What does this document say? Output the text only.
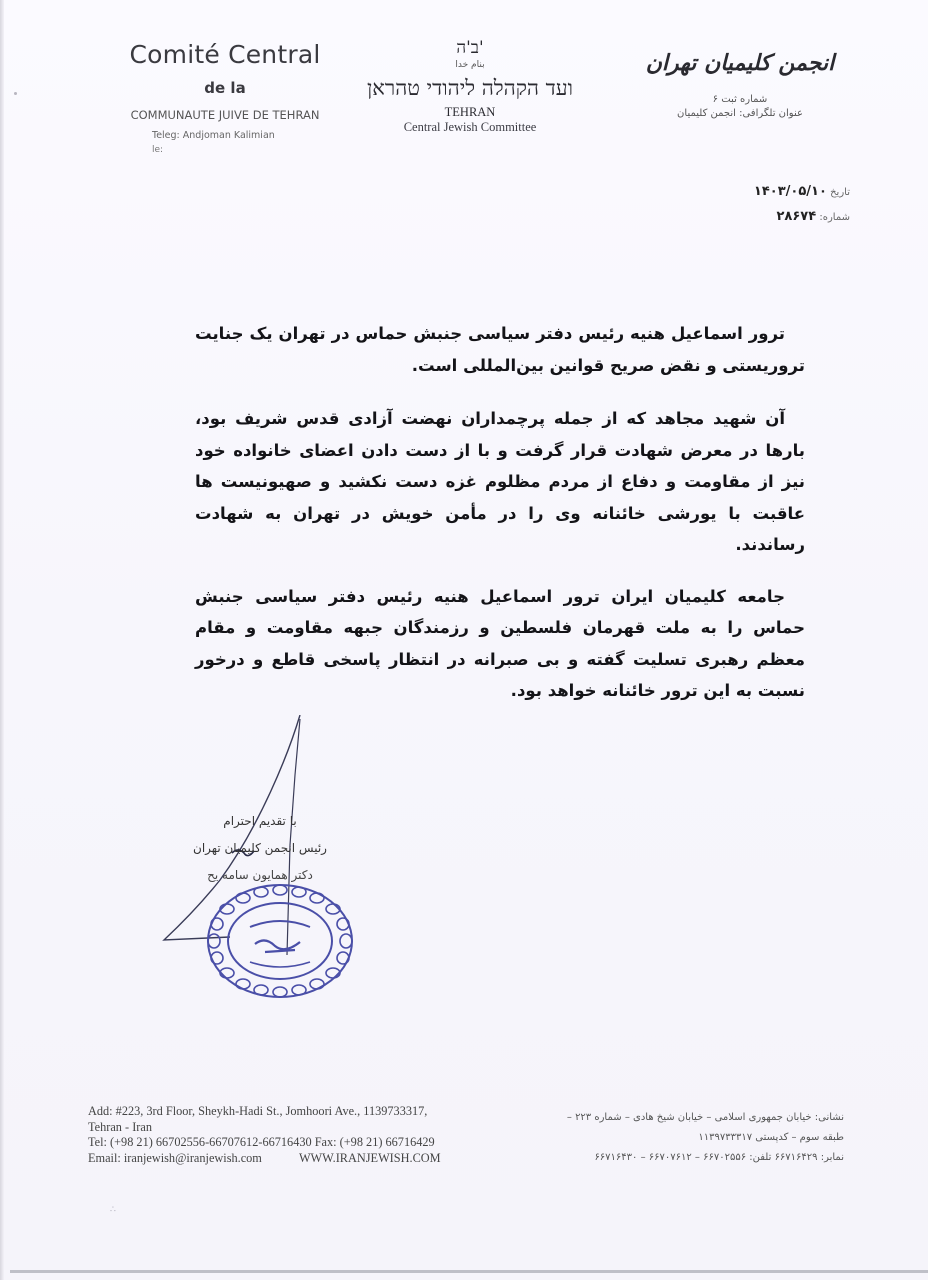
Comité Central
de la
COMMUNAUTE JUIVE DE TEHRAN
Teleg: Andjoman Kalimian
le:
ב'ה'
بنام خدا
ועד הקהלה ליהודי טהראן
TEHRAN
Central Jewish Committee
انجمن کلیمیان تهران
شماره ثبت ۶
عنوان تلگرافی: انجمن کلیمیان
تاریخ ۱۴۰۳/۰۵/۱۰
شماره: ۲۸۶۷۴

ترور اسماعیل هنیه رئیس دفتر سیاسی جنبش حماس در تهران یک جنایت تروریستی و نقض صریح قوانین بین‌المللی است.

آن شهید مجاهد که از جمله پرچمداران نهضت آزادی قدس شریف بود، بارها در معرض شهادت قرار گرفت و با از دست دادن اعضای خانواده خود نیز از مقاومت و دفاع از مردم مظلوم غزه دست نکشید و صهیونیست ها عاقبت با یورشی خائنانه وی را در مأمن خویش در تهران به شهادت رساندند.

جامعه کلیمیان ایران ترور اسماعیل هنیه رئیس دفتر سیاسی جنبش حماس را به ملت قهرمان فلسطین و رزمندگان جبهه مقاومت و مقام معظم رهبری تسلیت گفته و بی صبرانه در انتظار پاسخی قاطع و درخور نسبت به این ترور خائنانه خواهد بود.

با تقدیم احترام
رئیس انجمن کلیمیان تهران
دکتر همایون سامه یح
Add: #223, 3rd Floor, Sheykh-Hadi St., Jomhoori Ave., 1139733317,
Tehran - Iran
Tel: (+98 21) 66702556-66707612-66716430 Fax: (+98 21) 66716429
Email: iranjewish@iranjewish.com	WWW.IRANJEWISH.COM
نشانی: خیابان جمهوری اسلامی – خیابان شیخ هادی – شماره ۲۲۳ –
طبقه سوم – کدپستی ۱۱۳۹۷۳۳۳۱۷
نمابر: ۶۶۷۱۶۴۲۹ تلفن: ۶۶۷۰۲۵۵۶ – ۶۶۷۰۷۶۱۲ – ۶۶۷۱۶۴۳۰
∴
